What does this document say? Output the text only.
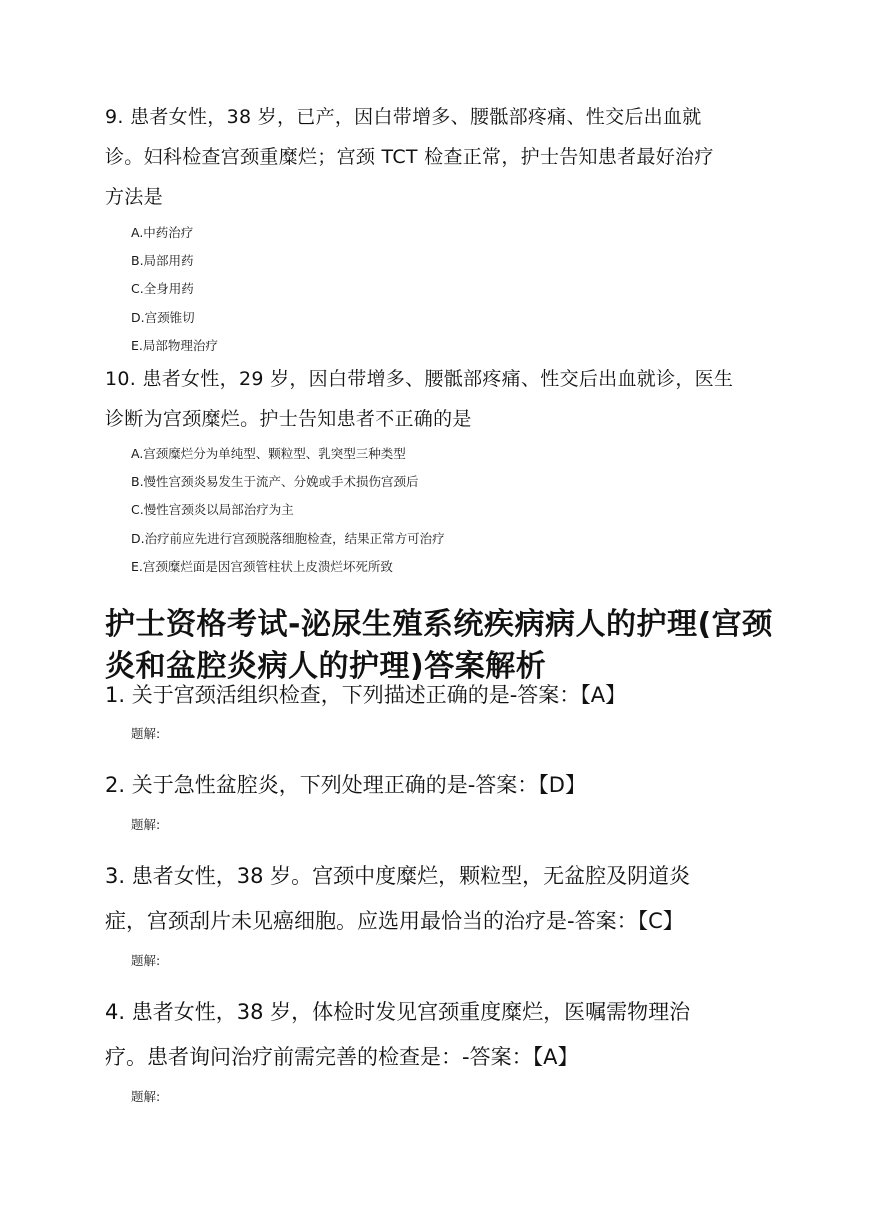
9. 患者女性，38 岁，已产，因白带增多、腰骶部疼痛、性交后出血就
诊。妇科检查宫颈重糜烂；宫颈 TCT 检查正常，护士告知患者最好治疗
方法是
A.中药治疗
B.局部用药
C.全身用药
D.宫颈锥切
E.局部物理治疗
10. 患者女性，29 岁，因白带增多、腰骶部疼痛、性交后出血就诊，医生
诊断为宫颈糜烂。护士告知患者不正确的是
A.宫颈糜烂分为单纯型、颗粒型、乳突型三种类型
B.慢性宫颈炎易发生于流产、分娩或手术损伤宫颈后
C.慢性宫颈炎以局部治疗为主
D.治疗前应先进行宫颈脱落细胞检查，结果正常方可治疗
E.宫颈糜烂面是因宫颈管柱状上皮溃烂坏死所致
护士资格考试-泌尿生殖系统疾病病人的护理(宫颈
炎和盆腔炎病人的护理)答案解析
1. 关于宫颈活组织检查，下列描述正确的是-答案：【A】
题解:
2. 关于急性盆腔炎，下列处理正确的是-答案：【D】
题解:
3. 患者女性，38 岁。宫颈中度糜烂，颗粒型，无盆腔及阴道炎
症，宫颈刮片未见癌细胞。应选用最恰当的治疗是-答案：【C】
题解:
4. 患者女性，38 岁，体检时发见宫颈重度糜烂，医嘱需物理治
疗。患者询问治疗前需完善的检查是：-答案：【A】
题解:
